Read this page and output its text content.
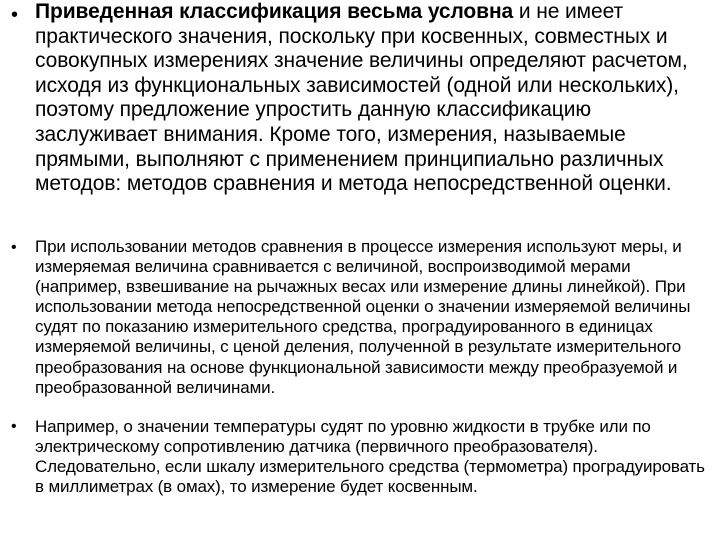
• Приведенная классификация весьма условна и не имеет практического значения, поскольку при косвенных, совместных и совокупных измерениях значение величины определяют расчетом, исходя из функциональных зависимостей (одной или нескольких), поэтому предложение упростить данную классификацию заслуживает внимания. Кроме того, измерения, называемые прямыми, выполняют с применением принципиально различных методов: методов сравнения и метода непосредственной оценки.

• При использовании методов сравнения в процессе измерения используют меры, и измеряемая величина сравнивается с величиной, воспроизводимой мерами (например, взвешивание на рычажных весах или измерение длины линейкой). При использовании метода непосредственной оценки о значении измеряемой величины судят по показанию измерительного средства, проградуированного в единицах измеряемой величины, с ценой деления, полученной в результате измерительного преобразования на основе функциональной зависимости между преобразуемой и преобразованной величинами.

• Например, о значении температуры судят по уровню жидкости в трубке или по электрическому сопротивлению датчика (первичного преобразователя). Следовательно, если шкалу измерительного средства (термометра) проградуировать в миллиметрах (в омах), то измерение будет косвенным.
